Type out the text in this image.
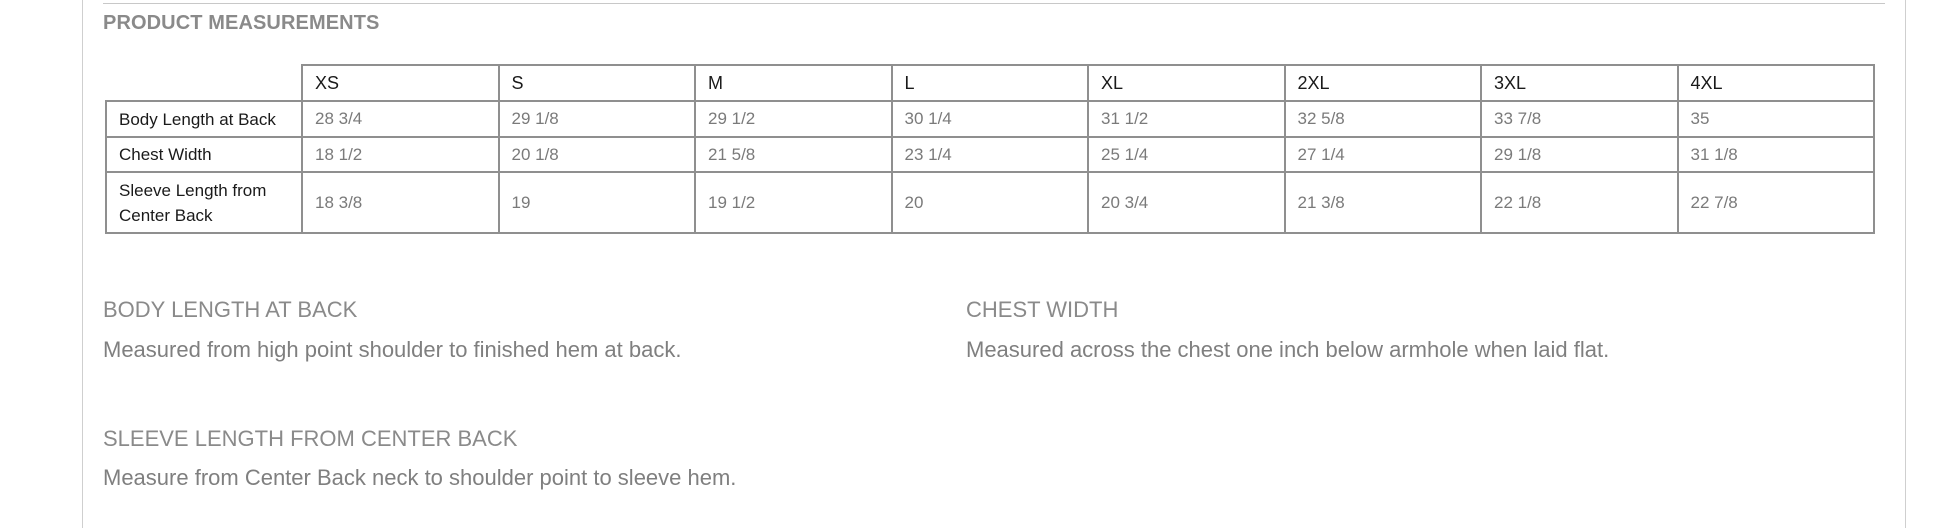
PRODUCT MEASUREMENTS
	XS	S	M	L	XL	2XL	3XL	4XL
Body Length at Back	28 3/4	29 1/8	29 1/2	30 1/4	31 1/2	32 5/8	33 7/8	35
Chest Width	18 1/2	20 1/8	21 5/8	23 1/4	25 1/4	27 1/4	29 1/8	31 1/8
Sleeve Length from Center Back	18 3/8	19	19 1/2	20	20 3/4	21 3/8	22 1/8	22 7/8
BODY LENGTH AT BACK

Measured from high point shoulder to finished hem at back.

CHEST WIDTH

Measured across the chest one inch below armhole when laid flat.

SLEEVE LENGTH FROM CENTER BACK

Measure from Center Back neck to shoulder point to sleeve hem.
